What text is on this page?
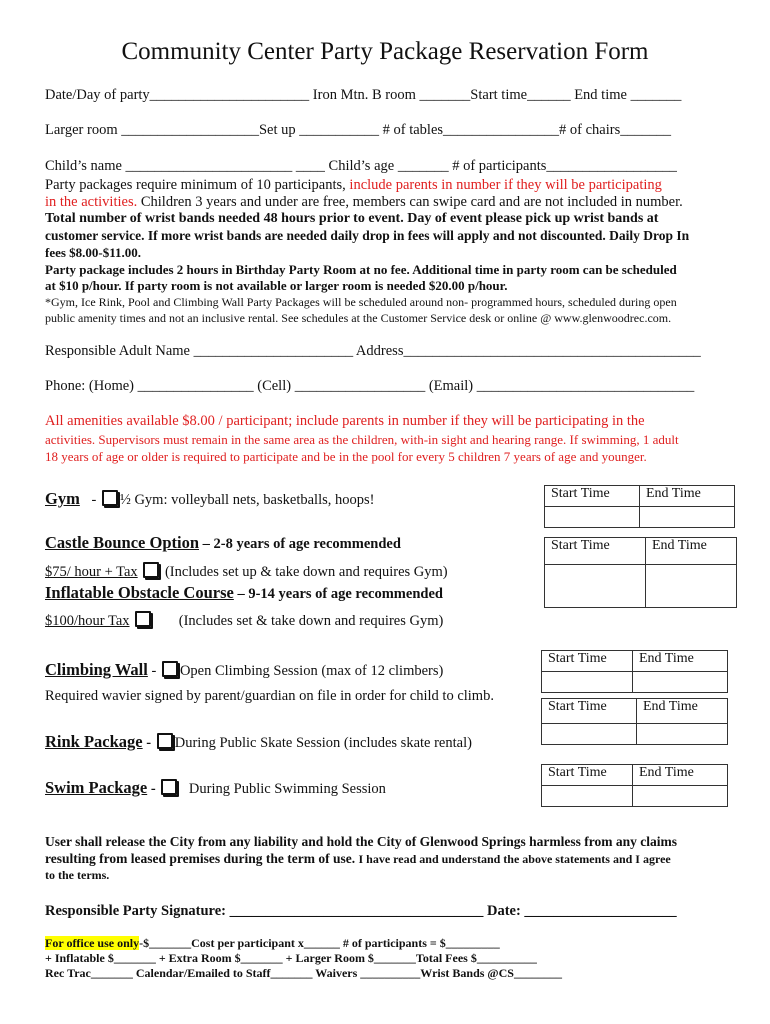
Community Center Party Package Reservation Form
Date/Day of party______________________ Iron Mtn. B room _______Start time______ End time _______
Larger room ___________________Set up ___________ # of tables________________# of chairs_______
Child’s name _______________________ ____ Child’s age _______ # of participants__________________
Party packages require minimum of 10 participants, include parents in number if they will be participating
in the activities. Children 3 years and under are free, members can swipe card and are not included in number.
Total number of wrist bands needed 48 hours prior to event. Day of event please pick up wrist bands at
customer service. If more wrist bands are needed daily drop in fees will apply and not discounted. Daily Drop In
fees $8.00-$11.00.
Party package includes 2 hours in Birthday Party Room at no fee. Additional time in party room can be scheduled
at $10 p/hour. If party room is not available or larger room is needed $20.00 p/hour.
*Gym, Ice Rink, Pool and Climbing Wall Party Packages will be scheduled around non- programmed hours, scheduled during open
public amenity times and not an inclusive rental. See schedules at the Customer Service desk or online @ www.glenwoodrec.com.
Responsible Adult Name ______________________ Address_________________________________________
Phone: (Home) ________________ (Cell) __________________ (Email) ______________________________
All amenities available $8.00 / participant; include parents in number if they will be participating in the
activities. Supervisors must remain in the same area as the children, with-in sight and hearing range. If swimming, 1 adult
18 years of age or older is required to participate and be in the pool for every 5 children 7 years of age and younger.
Gym - ½ Gym: volleyball nets, basketballs, hoops!	Start Time	End Time

Castle Bounce Option – 2-8 years of age recommended
$75/ hour + Tax (Includes set up & take down and requires Gym)
Inflatable Obstacle Course – 9-14 years of age recommended
$100/hour Tax	(Includes set & take down and requires Gym)
Start Time	End Time

Climbing Wall - Open Climbing Session (max of 12 climbers)
Required wavier signed by parent/guardian on file in order for child to climb.
Start Time	End Time

Start Time	End Time

Rink Package - During Public Skate Session (includes skate rental)
Swim Package - During Public Swimming Session
Start Time	End Time

User shall release the City from any liability and hold the City of Glenwood Springs harmless from any claims
resulting from leased premises during the term of use. I have read and understand the above statements and I agree
to the terms.
Responsible Party Signature: ___________________________________ Date: _____________________
For office use only-$_______Cost per participant x______ # of participants = $_________
+ Inflatable $_______ + Extra Room $_______ + Larger Room $_______Total Fees $__________
Rec Trac_______ Calendar/Emailed to Staff_______ Waivers __________Wrist Bands @CS________
